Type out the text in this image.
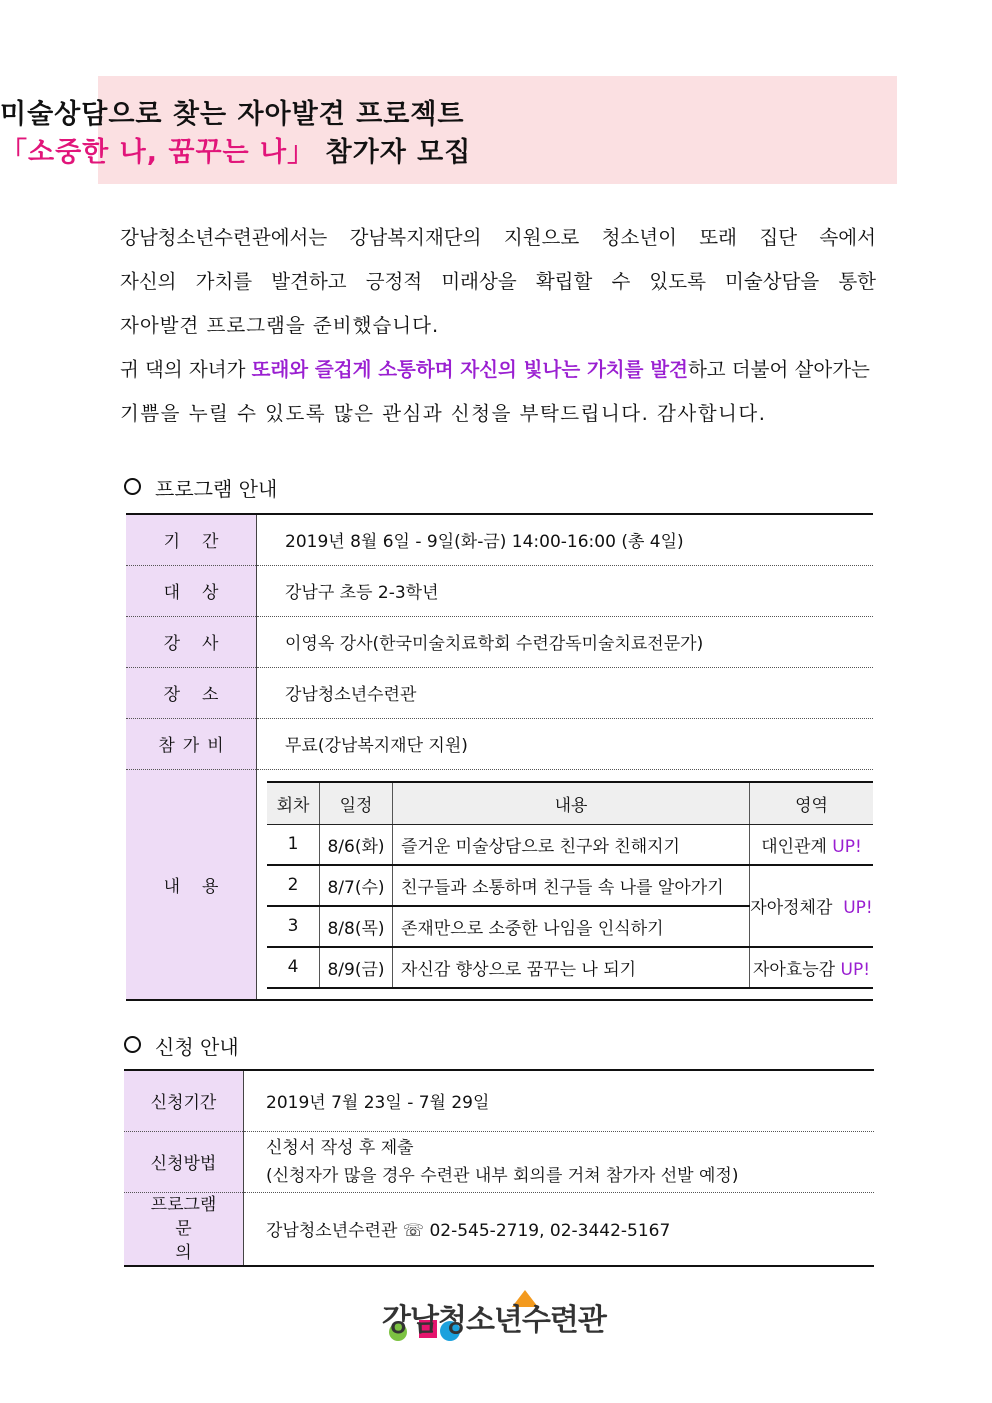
미술상담으로 찾는 자아발견 프로젝트
「소중한 나, 꿈꾸는 나」 참가자 모집
강남청소년수련관에서는 강남복지재단의 지원으로 청소년이 또래 집단 속에서
자신의 가치를 발견하고 긍정적 미래상을 확립할 수 있도록 미술상담을 통한
자아발견 프로그램을 준비했습니다.
귀 댁의 자녀가 또래와 즐겁게 소통하며 자신의 빛나는 가치를 발견하고 더불어 살아가는
기쁨을 누릴 수 있도록 많은 관심과 신청을 부탁드립니다. 감사합니다.
프로그램 안내
기간	2019년 8월 6일 - 9일(화-금) 14:00-16:00 (총 4일)
대상	강남구 초등 2-3학년
강사	이영옥 강사(한국미술치료학회 수련감독미술치료전문가)
장소	강남청소년수련관
참가비	무료(강남복지재단 지원)
내용	
회차	일정	내용	영역
1	8/6(화)	즐거운 미술상담으로 친구와 친해지기	대인관계 UP!
2	8/7(수)	친구들과 소통하며 친구들 속 나를 알아가기	자아정체감 UP!
3	8/8(목)	존재만으로 소중한 나임을 인식하기
4	8/9(금)	자신감 향상으로 꿈꾸는 나 되기	자아효능감 UP!
신청 안내
신청기간	2019년 7월 23일 - 7월 29일
신청방법	신청서 작성 후 제출
(신청자가 많을 경우 수련관 내부 회의를 거쳐 참가자 선발 예정)

프로그램
문 의	강남청소년수련관 ☏ 02-545-2719, 02-3442-5167
강남청소년수련관
